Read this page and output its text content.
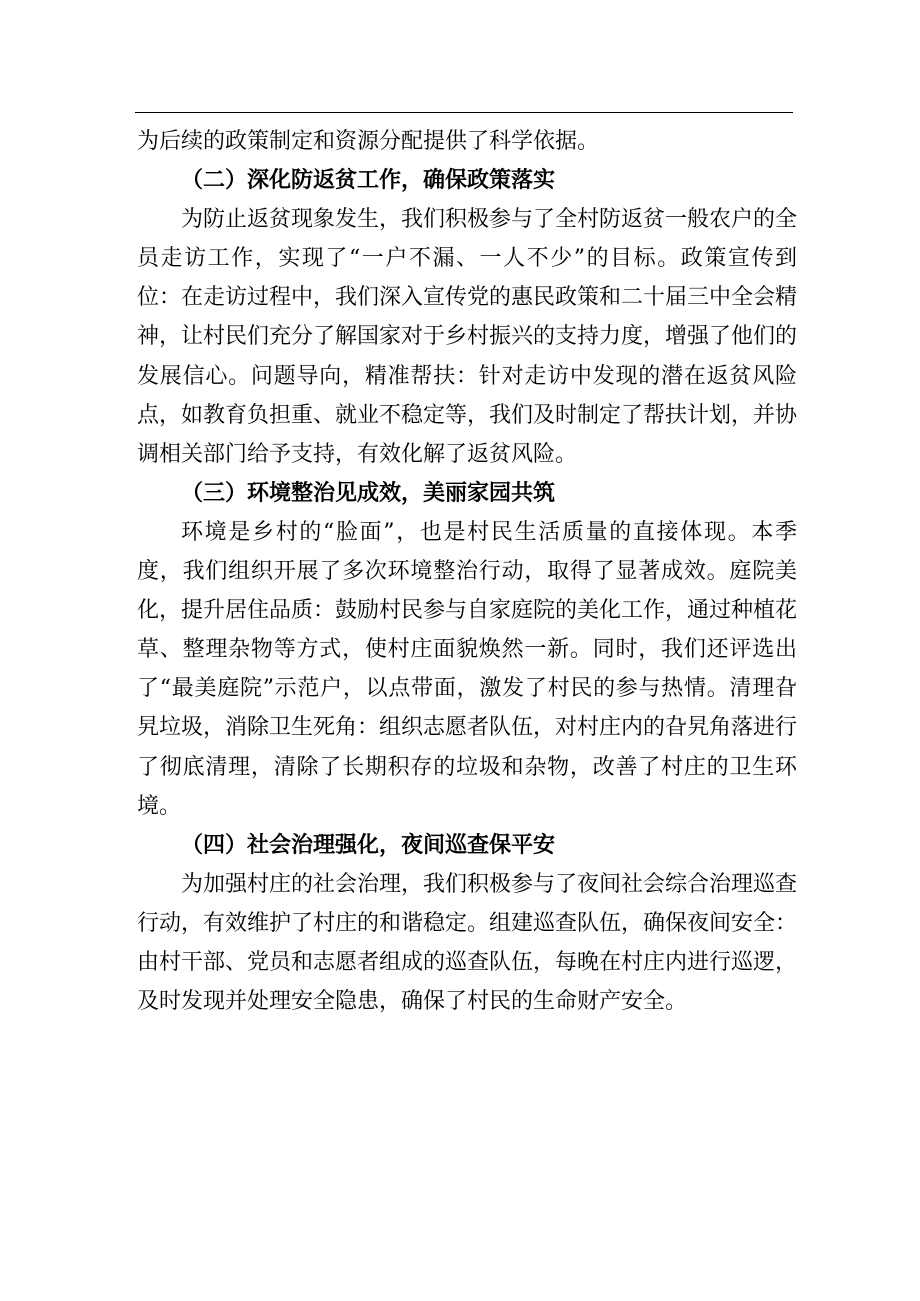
为后续的政策制定和资源分配提供了科学依据。

（二）深化防返贫工作，确保政策落实

为防止返贫现象发生，我们积极参与了全村防返贫一般农户的全员走访工作，实现了“一户不漏、一人不少”的目标。政策宣传到位：在走访过程中，我们深入宣传党的惠民政策和二十届三中全会精神，让村民们充分了解国家对于乡村振兴的支持力度，增强了他们的发展信心。问题导向，精准帮扶：针对走访中发现的潜在返贫风险点，如教育负担重、就业不稳定等，我们及时制定了帮扶计划，并协调相关部门给予支持，有效化解了返贫风险。

（三）环境整治见成效，美丽家园共筑

环境是乡村的“脸面”，也是村民生活质量的直接体现。本季度，我们组织开展了多次环境整治行动，取得了显著成效。庭院美化，提升居住品质：鼓励村民参与自家庭院的美化工作，通过种植花草、整理杂物等方式，使村庄面貌焕然一新。同时，我们还评选出了“最美庭院”示范户，以点带面，激发了村民的参与热情。清理旮旯垃圾，消除卫生死角：组织志愿者队伍，对村庄内的旮旯角落进行了彻底清理，清除了长期积存的垃圾和杂物，改善了村庄的卫生环境。

（四）社会治理强化，夜间巡查保平安

为加强村庄的社会治理，我们积极参与了夜间社会综合治理巡查行动，有效维护了村庄的和谐稳定。组建巡查队伍，确保夜间安全：由村干部、党员和志愿者组成的巡查队伍，每晚在村庄内进行巡逻，及时发现并处理安全隐患，确保了村民的生命财产安全。
